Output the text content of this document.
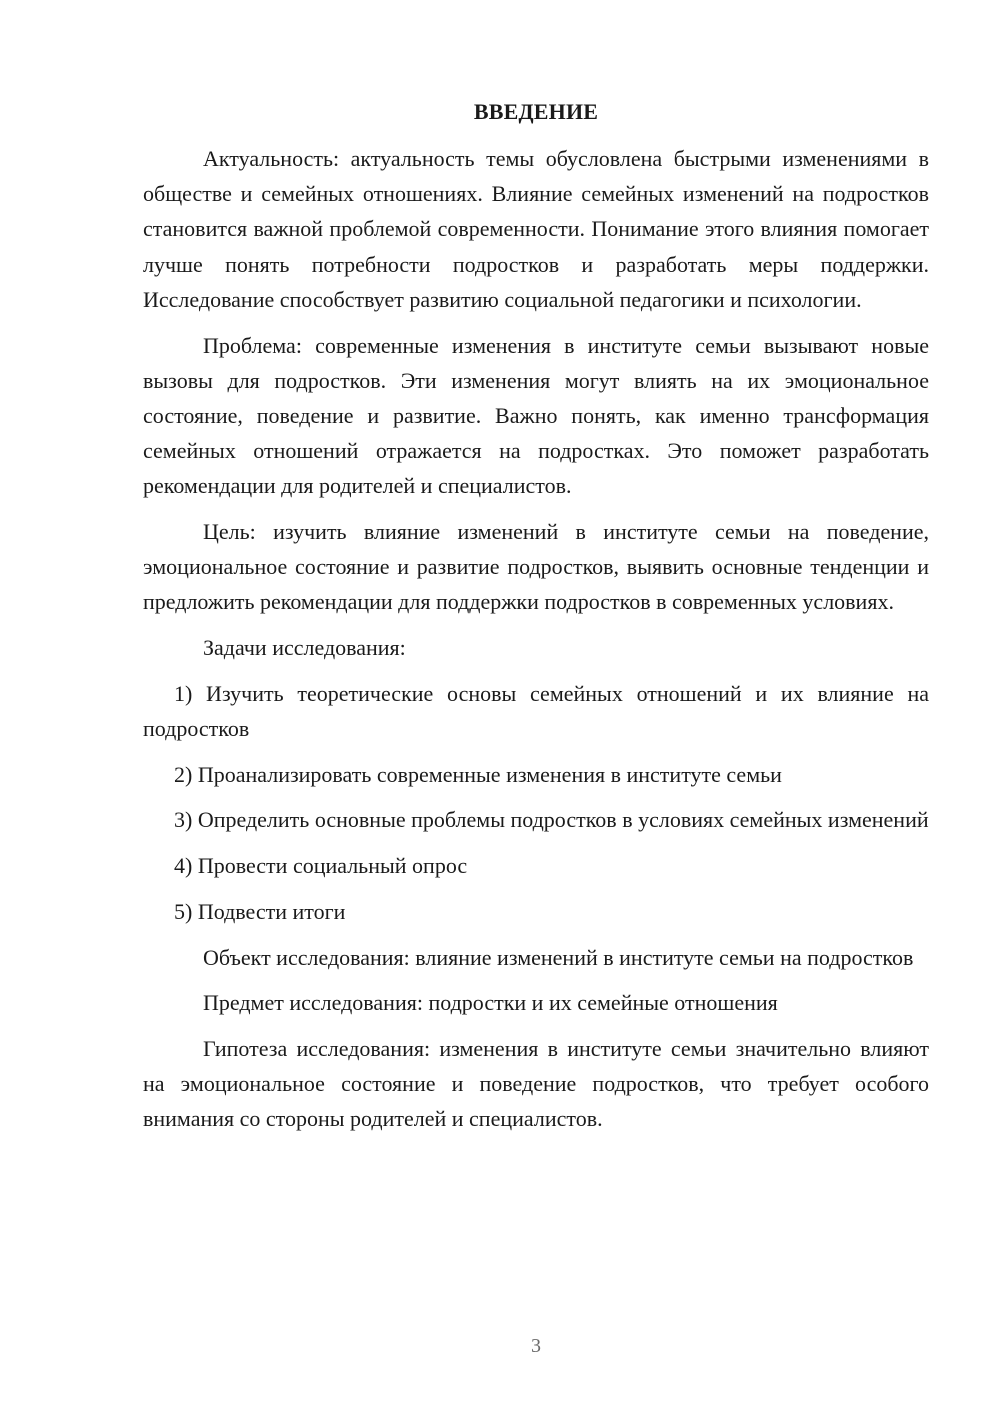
ВВЕДЕНИЕ

Актуальность: актуальность темы обусловлена быстрыми изменениями в обществе и семейных отношениях. Влияние семейных изменений на подростков становится важной проблемой современности. Понимание этого влияния помогает лучше понять потребности подростков и разработать меры поддержки. Исследование способствует развитию социальной педагогики и психологии.

Проблема: современные изменения в институте семьи вызывают новые вызовы для подростков. Эти изменения могут влиять на их эмоциональное состояние, поведение и развитие. Важно понять, как именно трансформация семейных отношений отражается на подростках. Это поможет разработать рекомендации для родителей и специалистов.

Цель: изучить влияние изменений в институте семьи на поведение, эмоциональное состояние и развитие подростков, выявить основные тенденции и предложить рекомендации для поддержки подростков в современных условиях.

Задачи исследования:

1) Изучить теоретические основы семейных отношений и их влияние на подростков

2) Проанализировать современные изменения в институте семьи

3) Определить основные проблемы подростков в условиях семейных изменений

4) Провести социальный опрос

5) Подвести итоги

Объект исследования: влияние изменений в институте семьи на подростков

Предмет исследования: подростки и их семейные отношения

Гипотеза исследования: изменения в институте семьи значительно влияют на эмоциональное состояние и поведение подростков, что требует особого внимания со стороны родителей и специалистов.

3
